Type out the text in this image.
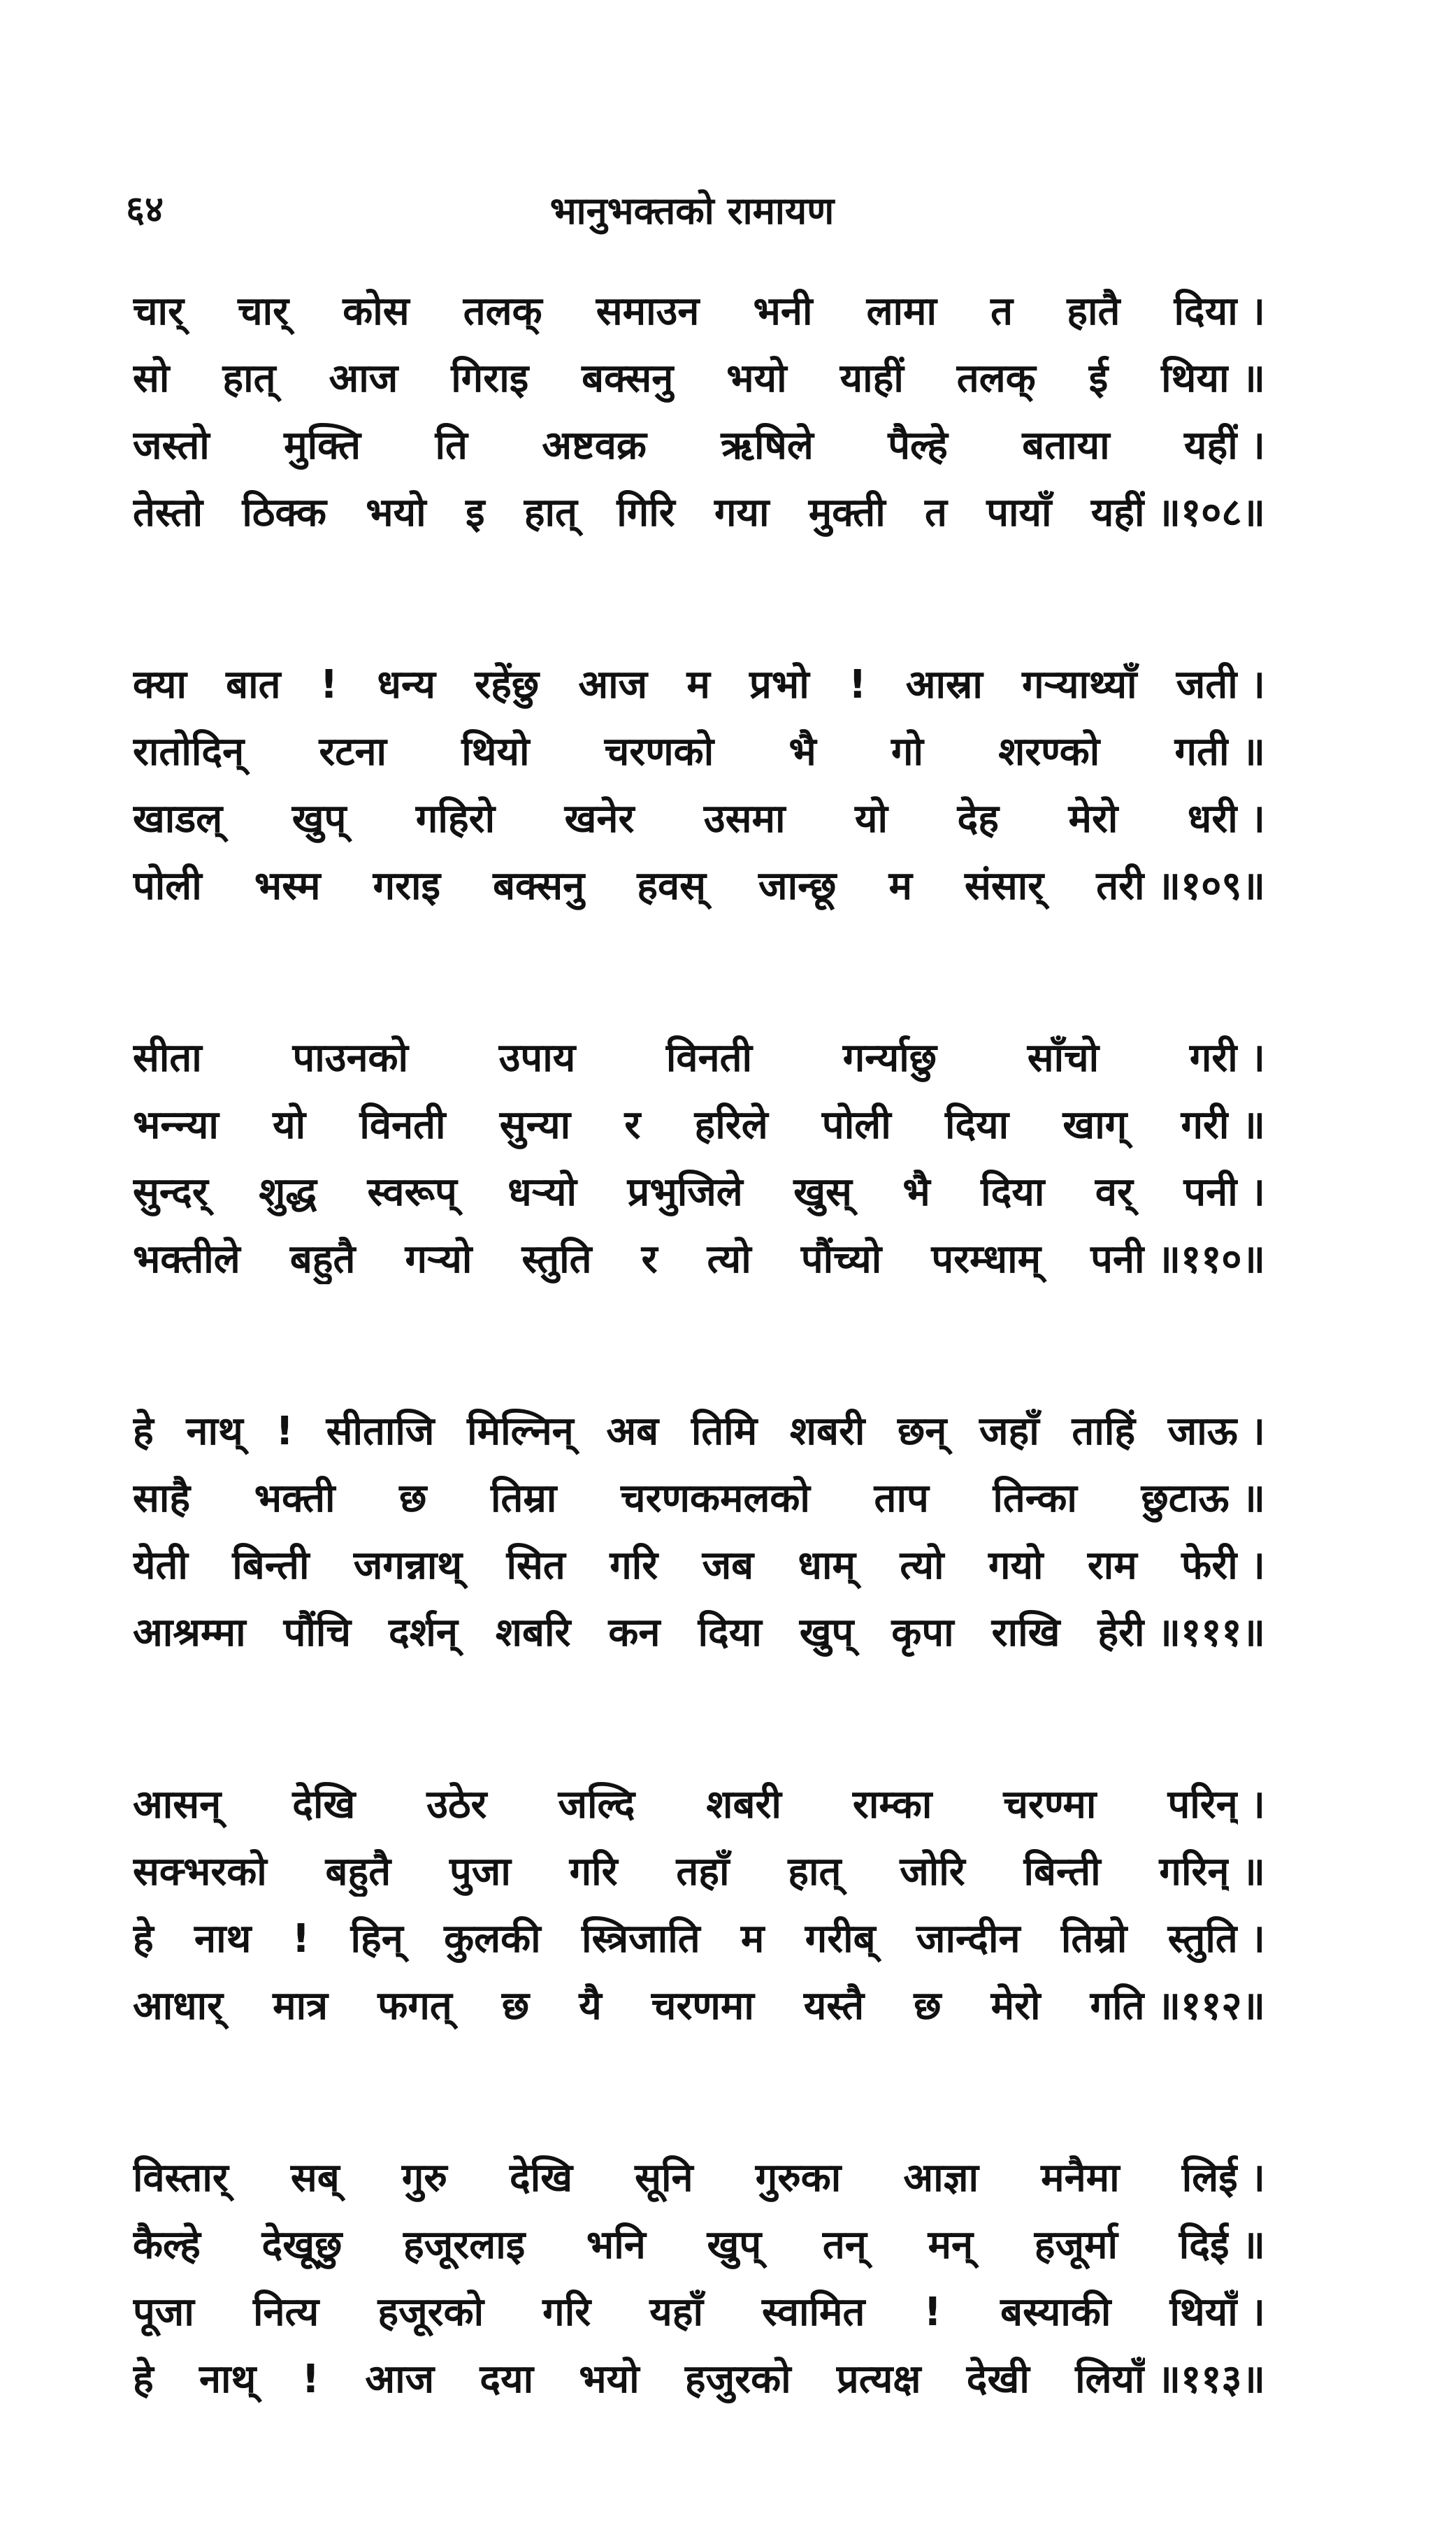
६४	भानुभक्तको रामायण
चार् चार् कोस तलक् समाउन भनी लामा त हातै दिया ।
सो हात् आज गिराइ बक्सनु भयो याहीं तलक् ई थिया ॥
जस्तो मुक्ति ति अष्टवक्र ऋषिले पैल्हे बताया यहीं ।
तेस्तो ठिक्क भयो इ हात् गिरि गया मुक्ती त पायाँ यहीं ॥१०८॥
क्या बात ! धन्य रहेंछु आज म प्रभो ! आस्रा गर्‍याथ्याँ जती ।
रातोदिन् रटना थियो चरणको भै गो शरण्को गती ॥
खाडल् खुप् गहिरो खनेर उसमा यो देह मेरो धरी ।
पोली भस्म गराइ बक्सनु हवस् जान्छू म संसार् तरी ॥१०९॥
सीता पाउनको उपाय विनती गर्न्याछु साँचो गरी ।
भन्न्या यो विनती सुन्या र हरिले पोली दिया खाग् गरी ॥
सुन्दर् शुद्ध स्वरूप् धर्‍यो प्रभुजिले खुस् भै दिया वर् पनी ।
भक्तीले बहुतै गर्‍यो स्तुति र त्यो पौंच्यो परम्धाम् पनी ॥११०॥
हे नाथ् ! सीताजि मिल्निन् अब तिमि शबरी छन् जहाँ ताहिं जाऊ ।
साहै भक्ती छ तिम्रा चरणकमलको ताप तिन्का छुटाऊ ॥
येती बिन्ती जगन्नाथ् सित गरि जब धाम् त्यो गयो राम फेरी ।
आश्रम्मा पौंचि दर्शन् शबरि कन दिया खुप् कृपा राखि हेरी ॥१११॥
आसन् देखि उठेर जल्दि शबरी राम्का चरण्मा परिन् ।
सक्भरको बहुतै पुजा गरि तहाँ हात् जोरि बिन्ती गरिन् ॥
हे नाथ ! हिन् कुलकी स्त्रिजाति म गरीब् जान्दीन तिम्रो स्तुति ।
आधार् मात्र फगत् छ यै चरणमा यस्तै छ मेरो गति ॥११२॥
विस्तार् सब् गुरु देखि सूनि गुरुका आज्ञा मनैमा लिई ।
कैल्हे देखूछु हजूरलाइ भनि खुप् तन् मन् हजूर्मा दिई ॥
पूजा नित्य हजूरको गरि यहाँ स्वामित ! बस्याकी थियाँ ।
हे नाथ् ! आज दया भयो हजुरको प्रत्यक्ष देखी लियाँ ॥११३॥
